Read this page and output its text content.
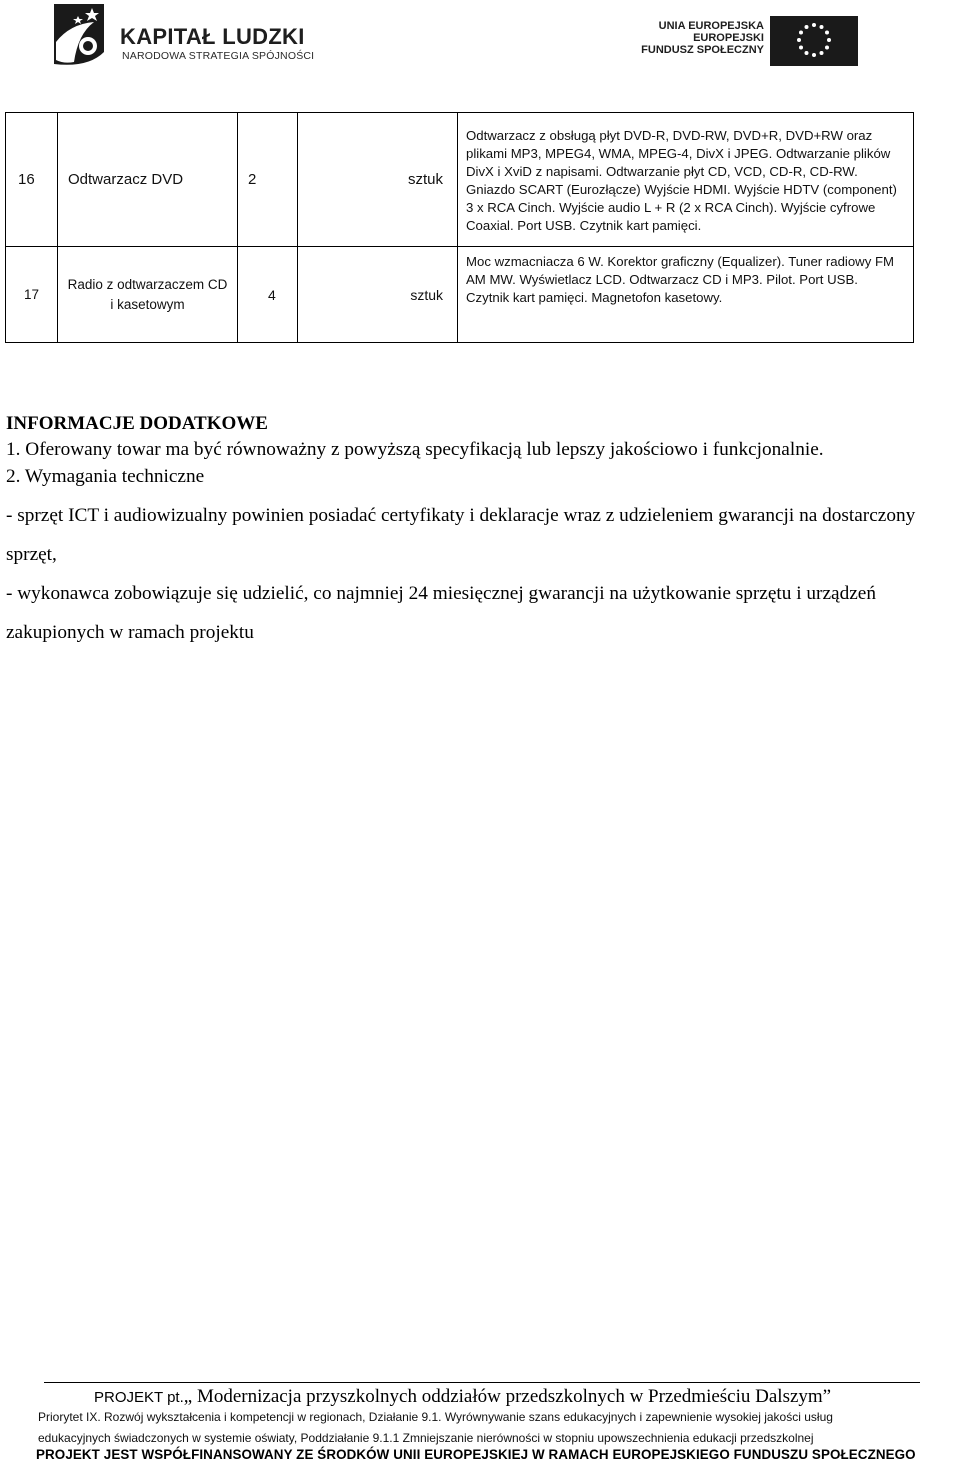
KAPITAŁ LUDZKI
NARODOWA STRATEGIA SPÓJNOŚCI
UNIA EUROPEJSKA
EUROPEJSKI
FUNDUSZ SPOŁECZNY
16	Odtwarzacz DVD	2	sztuk	Odtwarzacz z obsługą płyt DVD-R, DVD-RW, DVD+R, DVD+RW oraz plikami MP3, MPEG4, WMA, MPEG-4, DivX i JPEG. Odtwarzanie plików DivX i XviD z napisami. Odtwarzanie płyt CD, VCD, CD-R, CD-RW. Gniazdo SCART (Eurozłącze) Wyjście HDMI. Wyjście HDTV (component) 3 x RCA Cinch. Wyjście audio L + R (2 x RCA Cinch). Wyjście cyfrowe Coaxial. Port USB. Czytnik kart pamięci.
17	Radio z odtwarzaczem CD i kasetowym	4	sztuk	Moc wzmacniacza 6 W. Korektor graficzny (Equalizer). Tuner radiowy FM AM MW. Wyświetlacz LCD. Odtwarzacz CD i MP3. Pilot. Port USB. Czytnik kart pamięci. Magnetofon kasetowy.

INFORMACJE DODATKOWE

1. Oferowany towar ma być równoważny z powyższą specyfikacją lub lepszy jakościowo i funkcjonalnie.

2. Wymagania techniczne

- sprzęt ICT i audiowizualny powinien posiadać certyfikaty i deklaracje wraz z udzieleniem gwarancji na dostarczony sprzęt,

- wykonawca zobowiązuje się udzielić, co najmniej 24 miesięcznej gwarancji na użytkowanie sprzętu i urządzeń zakupionych w ramach projektu

PROJEKT pt.„ Modernizacja przyszkolnych oddziałów przedszkolnych w Przedmieściu Dalszym”
Priorytet IX. Rozwój wykształcenia i kompetencji w regionach, Działanie 9.1. Wyrównywanie szans edukacyjnych i zapewnienie wysokiej jakości usług
edukacyjnych świadczonych w systemie oświaty, Poddziałanie 9.1.1 Zmniejszanie nierówności w stopniu upowszechnienia edukacji przedszkolnej
PROJEKT JEST WSPÓŁFINANSOWANY ZE ŚRODKÓW UNII EUROPEJSKIEJ W RAMACH EUROPEJSKIEGO FUNDUSZU SPOŁECZNEGO
